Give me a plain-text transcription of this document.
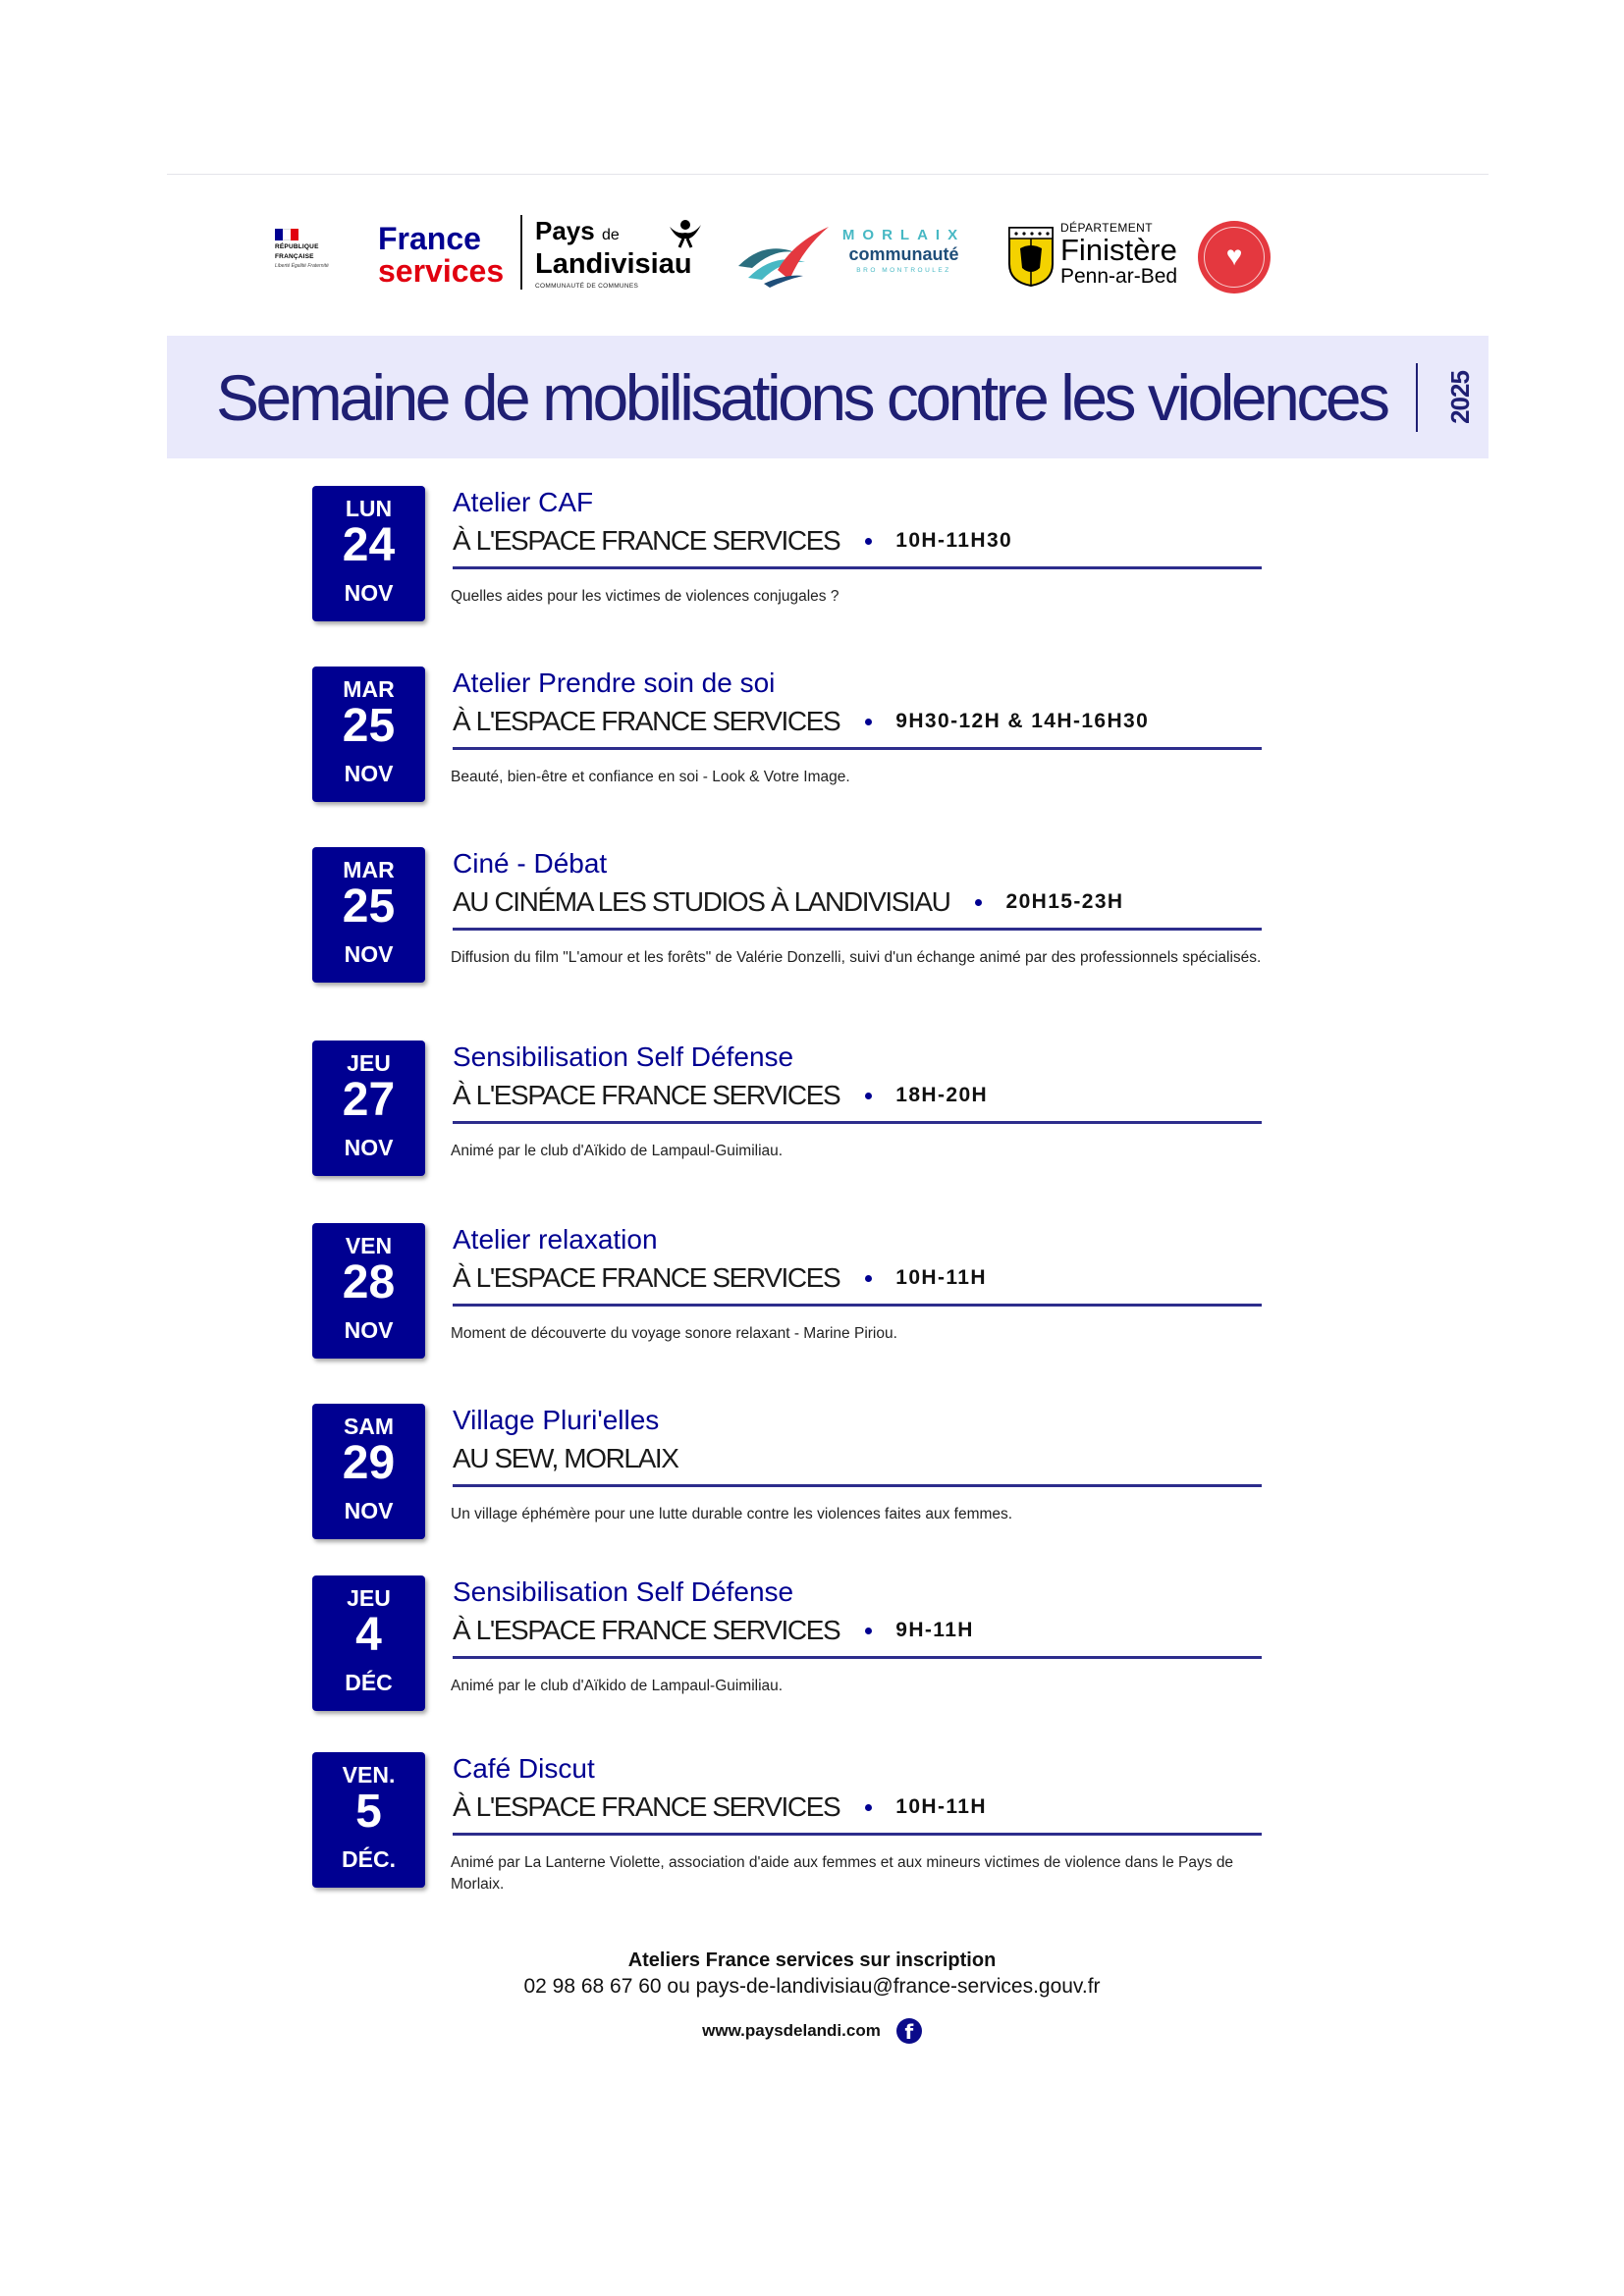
RÉPUBLIQUE
FRANÇAISE
Liberté Égalité Fraternité
France
services
Pays de
Landivisiau
COMMUNAUTÉ DE COMMUNES
MORLAIX
communauté
BRO MONTROULEZ
DÉPARTEMENT
Finistère
Penn-ar-Bed
♥
Semaine de mobilisations contre les violences 2025
LUN
24
NOV
Atelier CAF
À L'ESPACE FRANCE SERVICES	10H-11H30
Quelles aides pour les victimes de violences conjugales ?
MAR
25
NOV
Atelier Prendre soin de soi
À L'ESPACE FRANCE SERVICES	9H30-12H & 14H-16H30
Beauté, bien-être et confiance en soi - Look & Votre Image.
MAR
25
NOV
Ciné - Débat
AU CINÉMA LES STUDIOS À LANDIVISIAU	20H15-23H
Diffusion du film "L'amour et les forêts" de Valérie Donzelli, suivi d'un échange animé par des professionnels spécialisés.
JEU
27
NOV
Sensibilisation Self Défense
À L'ESPACE FRANCE SERVICES	18H-20H
Animé par le club d'Aïkido de Lampaul-Guimiliau.
VEN
28
NOV
Atelier relaxation
À L'ESPACE FRANCE SERVICES	10H-11H
Moment de découverte du voyage sonore relaxant - Marine Piriou.
SAM
29
NOV
Village Pluri'elles
AU SEW, MORLAIX
Un village éphémère pour une lutte durable contre les violences faites aux femmes.
JEU
4
DÉC
Sensibilisation Self Défense
À L'ESPACE FRANCE SERVICES	9H-11H
Animé par le club d'Aïkido de Lampaul-Guimiliau.
VEN.
5
DÉC.
Café Discut
À L'ESPACE FRANCE SERVICES	10H-11H
Animé par La Lanterne Violette, association d'aide aux femmes et aux mineurs victimes de violence dans le Pays de Morlaix.
Ateliers France services sur inscription
02 98 68 67 60 ou pays-de-landivisiau@france-services.gouv.fr
www.paysdelandi.com	f
